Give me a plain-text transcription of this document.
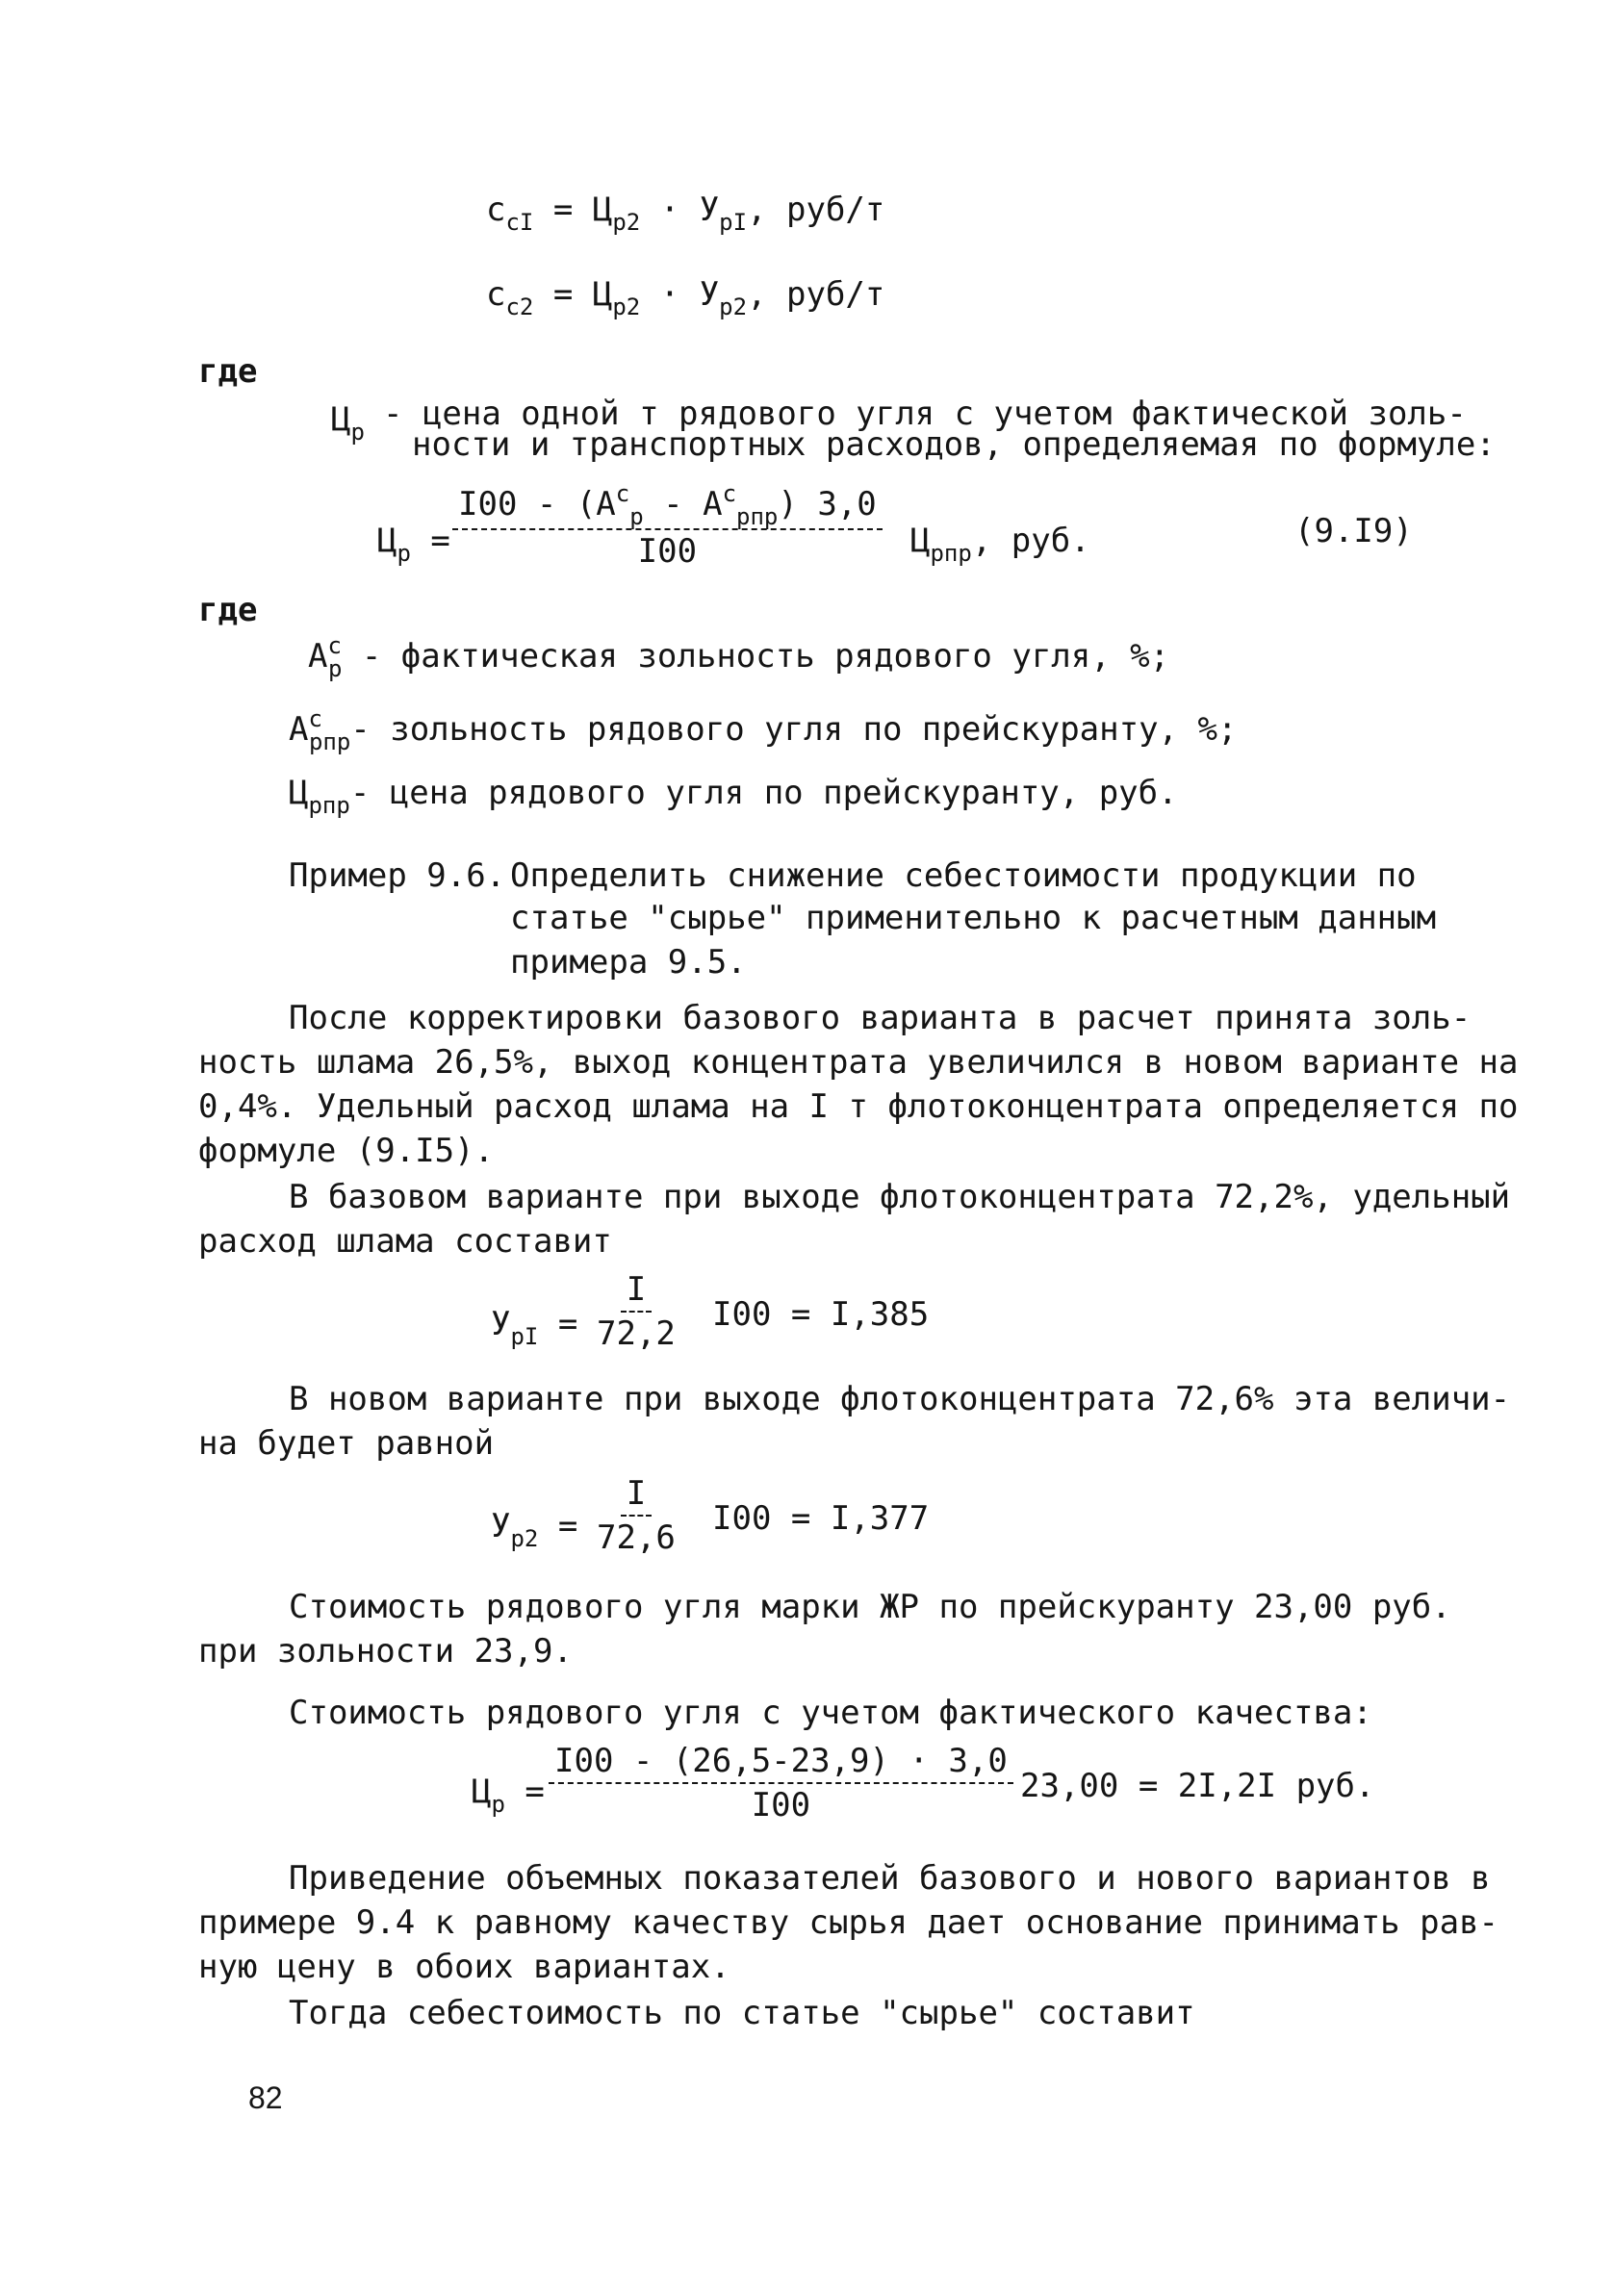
$c_{cI} = Ц_{p2} \cdot У_{pI}$, руб/т
$c_{c2} = Ц_{p2} \cdot У_{p2}$, руб/т
где
$Ц_р$ - цена одной т рядового угля с учетом фактической золь-
ности и транспортных расходов, определяемая по формуле:
$Ц_р = \frac{I00 - (A^c_p - A^c_{pпp}) 3,0}{I00} Ц_{pпp}$, руб.	(9.I9)
где
$A^c_p$ - фактическая зольность рядового угля, %;
$A^c_{pпp}-$ зольность рядового угля по прейскуранту, %;
$Ц_{pпp}-$ цена рядового угля по прейскуранту, руб.
Пример 9.6. Определить снижение себестоимости продукции по
статье "сырье" применительно к расчетным данным
примера 9.5.
После корректировки базового варианта в расчет принята золь-
ность шлама 26,5%, выход концентрата увеличился в новом варианте на
0,4%. Удельный расход шлама на I т флотоконцентрата определяется по
формуле (9.I5).
В базовом варианте при выходе флотоконцентрата 72,2%, удельный
расход шлама составит
$У_{pI} = \frac{I}{72,2} I00 = I,385$
В новом варианте при выходе флотоконцентрата 72,6% эта величи-
на будет равной
$У_{p2} = \frac{I}{72,6} I00 = I,377$
Стоимость рядового угля марки ЖР по прейскуранту 23,00 руб.
при зольности 23,9.
Стоимость рядового угля с учетом фактического качества:
$Ц_р = \frac{I00 - (26,5-23,9) \cdot 3,0}{I00} 23,00 = 2I,2I$ руб.
Приведение объемных показателей базового и нового вариантов в
примере 9.4 к равному качеству сырья дает основание принимать рав-
ную цену в обоих вариантах.
Тогда себестоимость по статье "сырье" составит
82
